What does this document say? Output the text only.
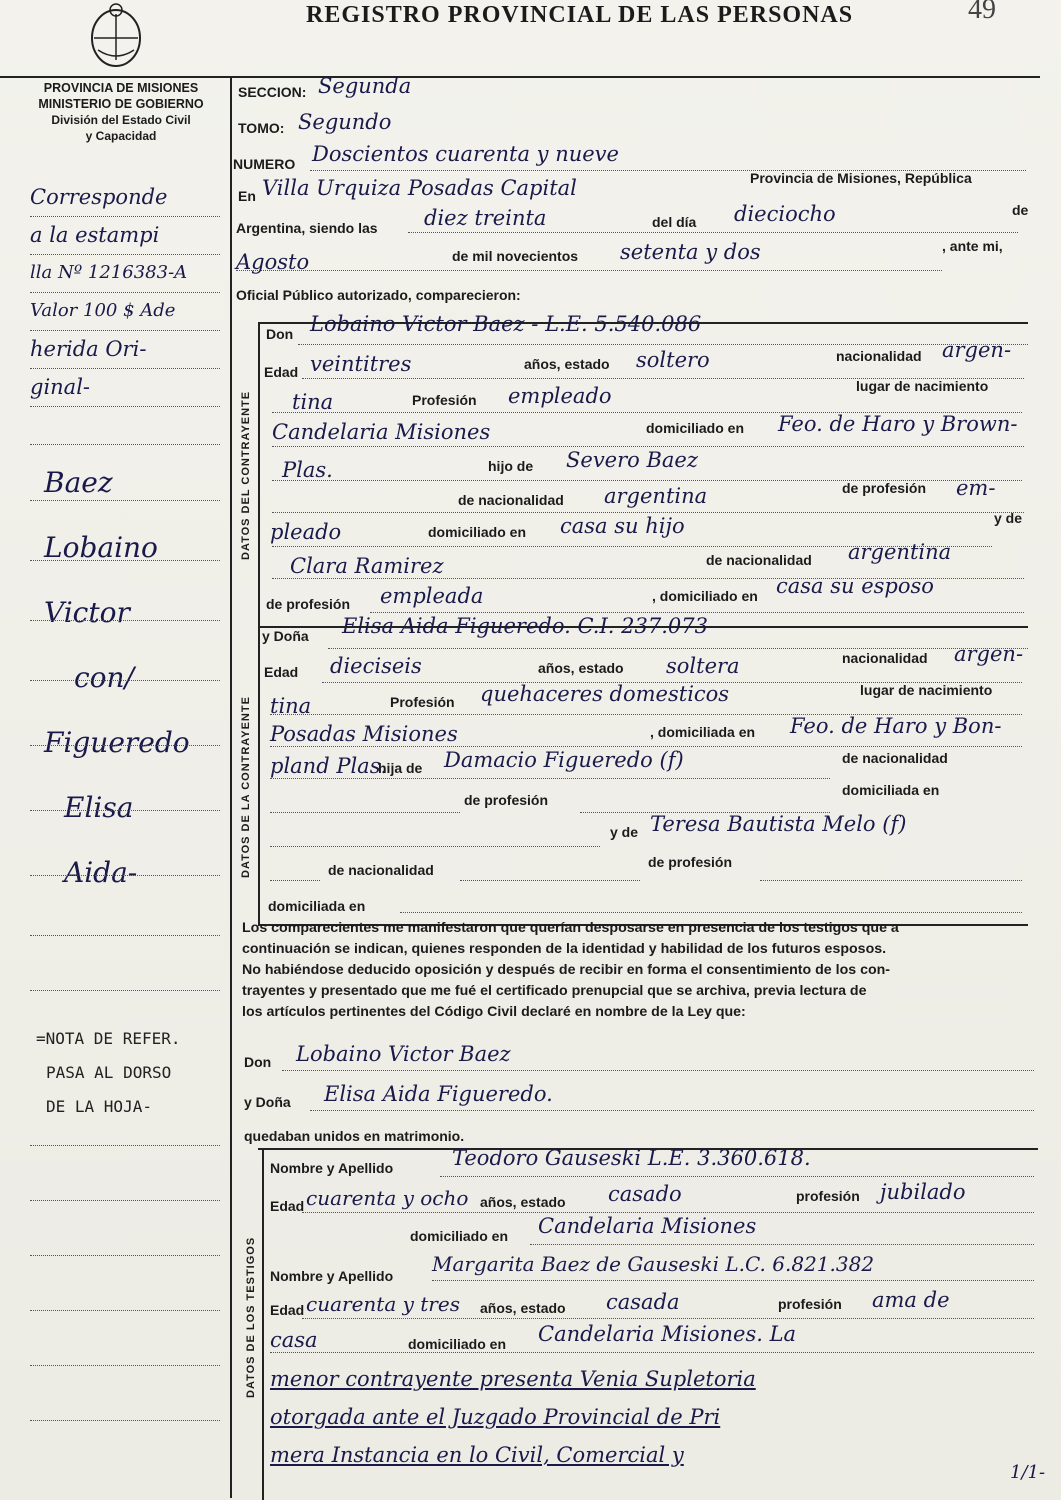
REGISTRO PROVINCIAL DE LAS PERSONAS	49
PROVINCIA DE MISIONES
MINISTERIO DE GOBIERNO
División del Estado Civil
y Capacidad
Corresponde
a la estampi
lla Nº 1216383-A
Valor 100 $ Ade
herida Ori-
ginal-
Baez
Lobaino
Victor
con/
Figueredo
Elisa
Aida-
=NOTA DE REFER.
PASA AL DORSO
DE LA HOJA-
DATOS DEL CONTRAYENTE
DATOS DE LA CONTRAYENTE
DATOS DE LOS TESTIGOS
SECCION: Segunda
TOMO: Segundo
NUMERO Doscientos cuarenta y nueve
En Villa Urquiza Posadas Capital	Provincia de Misiones, República
Argentina, siendo las diez treinta	del día dieciocho	de
Agosto	de mil novecientos setenta y dos	, ante mi,
Oficial Público autorizado, comparecieron:
Don Lobaino Victor Baez - L.E. 5.540.086
Edad veintitres	años, estado soltero	nacionalidad argen-
tina	Profesión empleado	lugar de nacimiento
Candelaria Misiones	domiciliado en Feo. de Haro y Brown-
Plas.	hijo de Severo Baez
de nacionalidad argentina	de profesión em-
pleado	domiciliado en casa su hijo	y de
Clara Ramirez	de nacionalidad argentina
de profesión empleada	, domiciliado en casa su esposo
y Doña Elisa Aida Figueredo. C.I. 237.073
Edad dieciseis	años, estado soltera	nacionalidad argen-
tina	Profesión quehaceres domesticos	lugar de nacimiento
Posadas Misiones	, domiciliada en Feo. de Haro y Bon-
pland Plas.
hija de Damacio Figueredo (f)	de nacionalidad
de profesión
domiciliada en
y de Teresa Bautista Melo (f)
de nacionalidad	de profesión
domiciliada en
Los comparecientes me manifestaron que querían desposarse en presencia de los testigos que a
continuación se indican, quienes responden de la identidad y habilidad de los futuros esposos.
No habiéndose deducido oposición y después de recibir en forma el consentimiento de los con-
trayentes y presentado que me fué el certificado prenupcial que se archiva, previa lectura de
los artículos pertinentes del Código Civil declaré en nombre de la Ley que:
Don Lobaino Victor Baez
y Doña Elisa Aida Figueredo.
quedaban unidos en matrimonio.
Nombre y Apellido	Teodoro Gauseski L.E. 3.360.618.
Edad cuarenta y ocho años, estado casado	profesión jubilado
domiciliado en Candelaria Misiones
Nombre y Apellido Margarita Baez de Gauseski L.C. 6.821.382
Edad cuarenta y tres años, estado casada	profesión ama de
casa	domiciliado en Candelaria Misiones. La
menor contrayente presenta Venia Supletoria
otorgada ante el Juzgado Provincial de Pri
mera Instancia en lo Civil, Comercial y
1/1-
